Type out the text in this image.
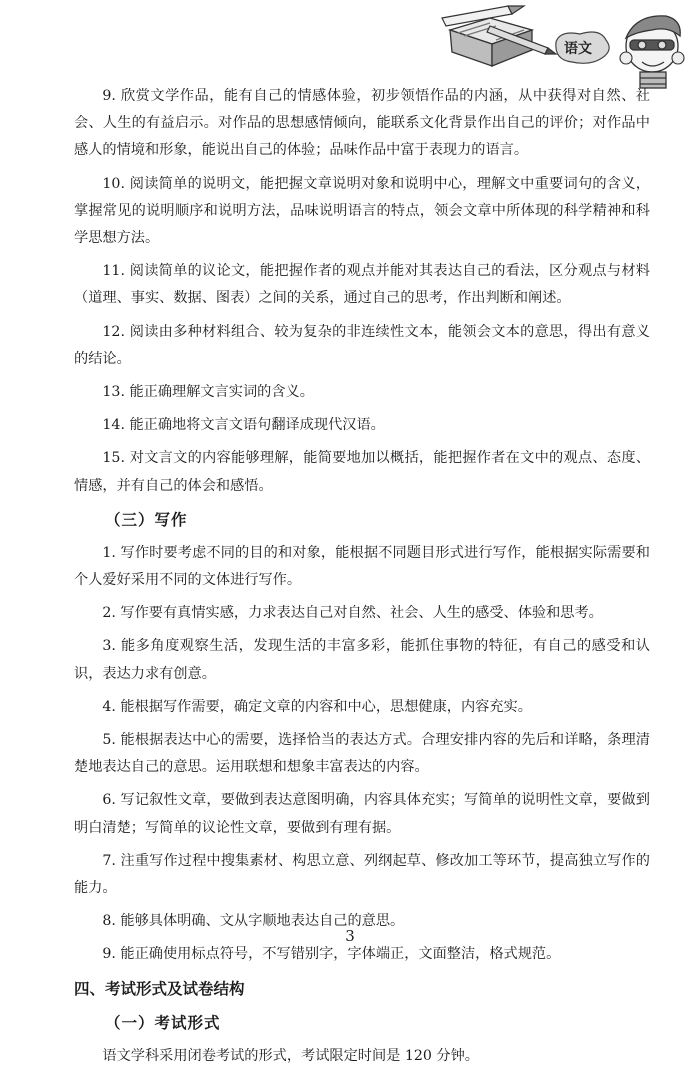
语文

9. 欣赏文学作品，能有自己的情感体验，初步领悟作品的内涵，从中获得对自然、社会、人生的有益启示。对作品的思想感情倾向，能联系文化背景作出自己的评价；对作品中感人的情境和形象，能说出自己的体验；品味作品中富于表现力的语言。

10. 阅读简单的说明文，能把握文章说明对象和说明中心，理解文中重要词句的含义，掌握常见的说明顺序和说明方法，品味说明语言的特点，领会文章中所体现的科学精神和科学思想方法。

11. 阅读简单的议论文，能把握作者的观点并能对其表达自己的看法，区分观点与材料（道理、事实、数据、图表）之间的关系，通过自己的思考，作出判断和阐述。

12. 阅读由多种材料组合、较为复杂的非连续性文本，能领会文本的意思，得出有意义的结论。

13. 能正确理解文言实词的含义。

14. 能正确地将文言文语句翻译成现代汉语。

15. 对文言文的内容能够理解，能简要地加以概括，能把握作者在文中的观点、态度、情感，并有自己的体会和感悟。

（三）写作

1. 写作时要考虑不同的目的和对象，能根据不同题目形式进行写作，能根据实际需要和个人爱好采用不同的文体进行写作。

2. 写作要有真情实感，力求表达自己对自然、社会、人生的感受、体验和思考。

3. 能多角度观察生活，发现生活的丰富多彩，能抓住事物的特征，有自己的感受和认识，表达力求有创意。

4. 能根据写作需要，确定文章的内容和中心，思想健康，内容充实。

5. 能根据表达中心的需要，选择恰当的表达方式。合理安排内容的先后和详略，条理清楚地表达自己的意思。运用联想和想象丰富表达的内容。

6. 写记叙性文章，要做到表达意图明确，内容具体充实；写简单的说明性文章，要做到明白清楚；写简单的议论性文章，要做到有理有据。

7. 注重写作过程中搜集素材、构思立意、列纲起草、修改加工等环节，提高独立写作的能力。

8. 能够具体明确、文从字顺地表达自己的意思。

9. 能正确使用标点符号，不写错别字，字体端正，文面整洁，格式规范。

四、考试形式及试卷结构
（一）考试形式

语文学科采用闭卷考试的形式，考试限定时间是 120 分钟。

3
